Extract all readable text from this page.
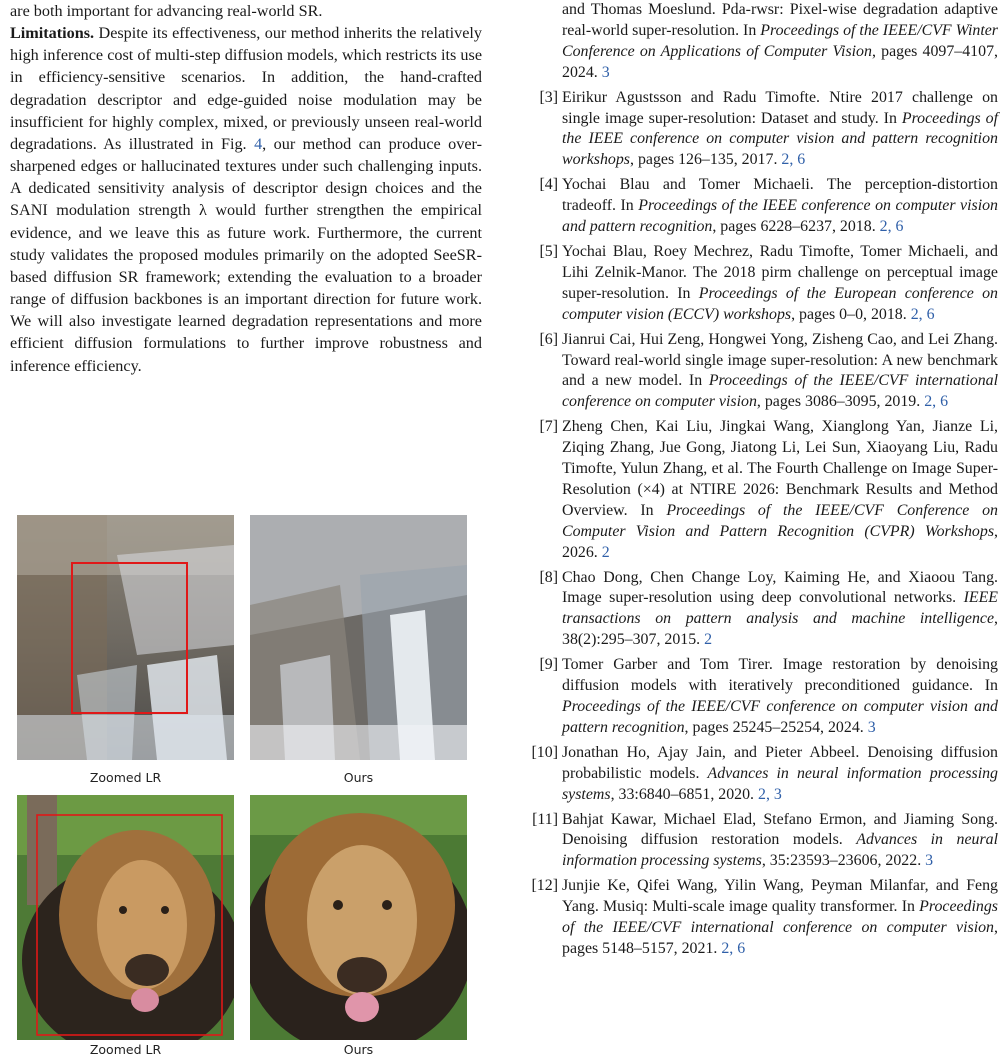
are both important for advancing real-world SR.

Limitations. Despite its effectiveness, our method inherits the relatively high inference cost of multi-step diffusion models, which restricts its use in efficiency-sensitive scenarios. In addition, the hand-crafted degradation descriptor and edge-guided noise modulation may be insufficient for highly complex, mixed, or previously unseen real-world degradations. As illustrated in Fig. 4, our method can produce over-sharpened edges or hallucinated textures under such challenging inputs. A dedicated sensitivity analysis of descriptor design choices and the SANI modulation strength λ would further strengthen the empirical evidence, and we leave this as future work. Furthermore, the current study validates the proposed modules primarily on the adopted SeeSR-based diffusion SR framework; extending the evaluation to a broader range of diffusion backbones is an important direction for future work. We will also investigate learned degradation representations and more efficient diffusion formulations to further improve robustness and inference efficiency.

Zoomed LR	Ours
Zoomed LR	Ours
and Thomas Moeslund. Pda-rwsr: Pixel-wise degradation adaptive real-world super-resolution. In Proceedings of the IEEE/CVF Winter Conference on Applications of Computer Vision, pages 4097–4107, 2024. 3
[3] Eirikur Agustsson and Radu Timofte. Ntire 2017 challenge on single image super-resolution: Dataset and study. In Proceedings of the IEEE conference on computer vision and pattern recognition workshops, pages 126–135, 2017. 2, 6
[4] Yochai Blau and Tomer Michaeli. The perception-distortion tradeoff. In Proceedings of the IEEE conference on computer vision and pattern recognition, pages 6228–6237, 2018. 2, 6
[5] Yochai Blau, Roey Mechrez, Radu Timofte, Tomer Michaeli, and Lihi Zelnik-Manor. The 2018 pirm challenge on perceptual image super-resolution. In Proceedings of the European conference on computer vision (ECCV) workshops, pages 0–0, 2018. 2, 6
[6] Jianrui Cai, Hui Zeng, Hongwei Yong, Zisheng Cao, and Lei Zhang. Toward real-world single image super-resolution: A new benchmark and a new model. In Proceedings of the IEEE/CVF international conference on computer vision, pages 3086–3095, 2019. 2, 6
[7] Zheng Chen, Kai Liu, Jingkai Wang, Xianglong Yan, Jianze Li, Ziqing Zhang, Jue Gong, Jiatong Li, Lei Sun, Xiaoyang Liu, Radu Timofte, Yulun Zhang, et al. The Fourth Challenge on Image Super-Resolution (×4) at NTIRE 2026: Benchmark Results and Method Overview. In Proceedings of the IEEE/CVF Conference on Computer Vision and Pattern Recognition (CVPR) Workshops, 2026. 2
[8] Chao Dong, Chen Change Loy, Kaiming He, and Xiaoou Tang. Image super-resolution using deep convolutional networks. IEEE transactions on pattern analysis and machine intelligence, 38(2):295–307, 2015. 2
[9] Tomer Garber and Tom Tirer. Image restoration by denoising diffusion models with iteratively preconditioned guidance. In Proceedings of the IEEE/CVF conference on computer vision and pattern recognition, pages 25245–25254, 2024. 3
[10] Jonathan Ho, Ajay Jain, and Pieter Abbeel. Denoising diffusion probabilistic models. Advances in neural information processing systems, 33:6840–6851, 2020. 2, 3
[11] Bahjat Kawar, Michael Elad, Stefano Ermon, and Jiaming Song. Denoising diffusion restoration models. Advances in neural information processing systems, 35:23593–23606, 2022. 3
[12] Junjie Ke, Qifei Wang, Yilin Wang, Peyman Milanfar, and Feng Yang. Musiq: Multi-scale image quality transformer. In Proceedings of the IEEE/CVF international conference on computer vision, pages 5148–5157, 2021. 2, 6
